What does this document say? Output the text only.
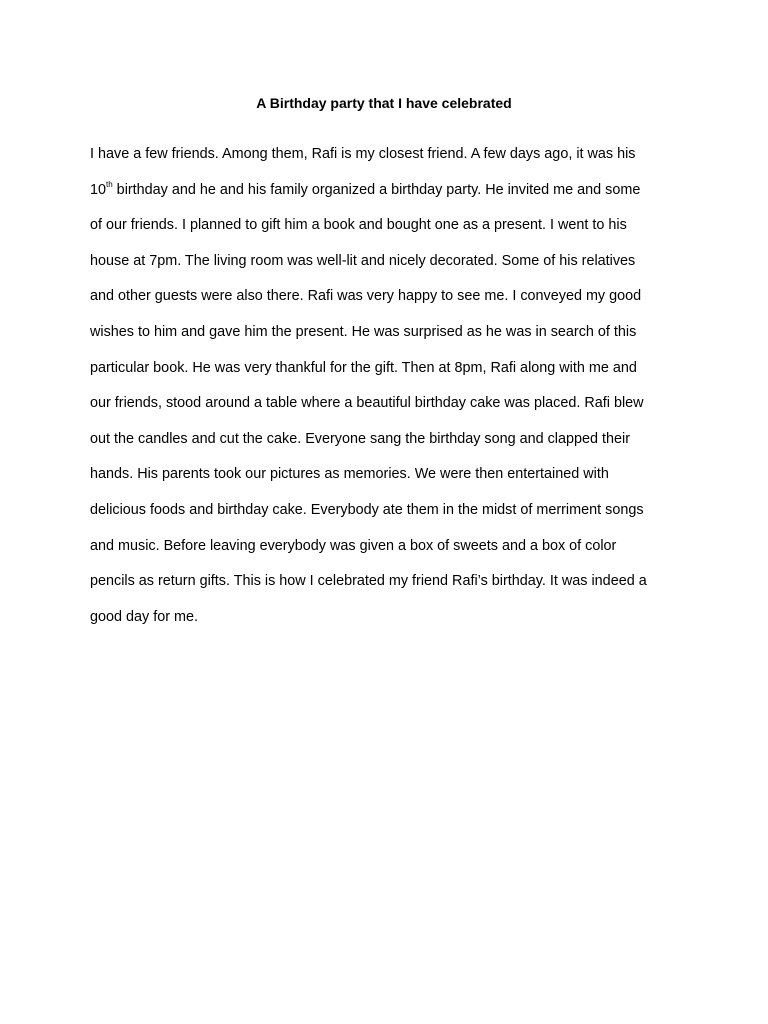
A Birthday party that I have celebrated
I have a few friends. Among them, Rafi is my closest friend. A few days ago, it was his
10th birthday and he and his family organized a birthday party. He invited me and some
of our friends. I planned to gift him a book and bought one as a present. I went to his
house at 7pm. The living room was well-lit and nicely decorated. Some of his relatives
and other guests were also there. Rafi was very happy to see me. I conveyed my good
wishes to him and gave him the present. He was surprised as he was in search of this
particular book. He was very thankful for the gift. Then at 8pm, Rafi along with me and
our friends, stood around a table where a beautiful birthday cake was placed. Rafi blew
out the candles and cut the cake. Everyone sang the birthday song and clapped their
hands. His parents took our pictures as memories. We were then entertained with
delicious foods and birthday cake. Everybody ate them in the midst of merriment songs
and music. Before leaving everybody was given a box of sweets and a box of color
pencils as return gifts. This is how I celebrated my friend Rafi’s birthday. It was indeed a
good day for me.
